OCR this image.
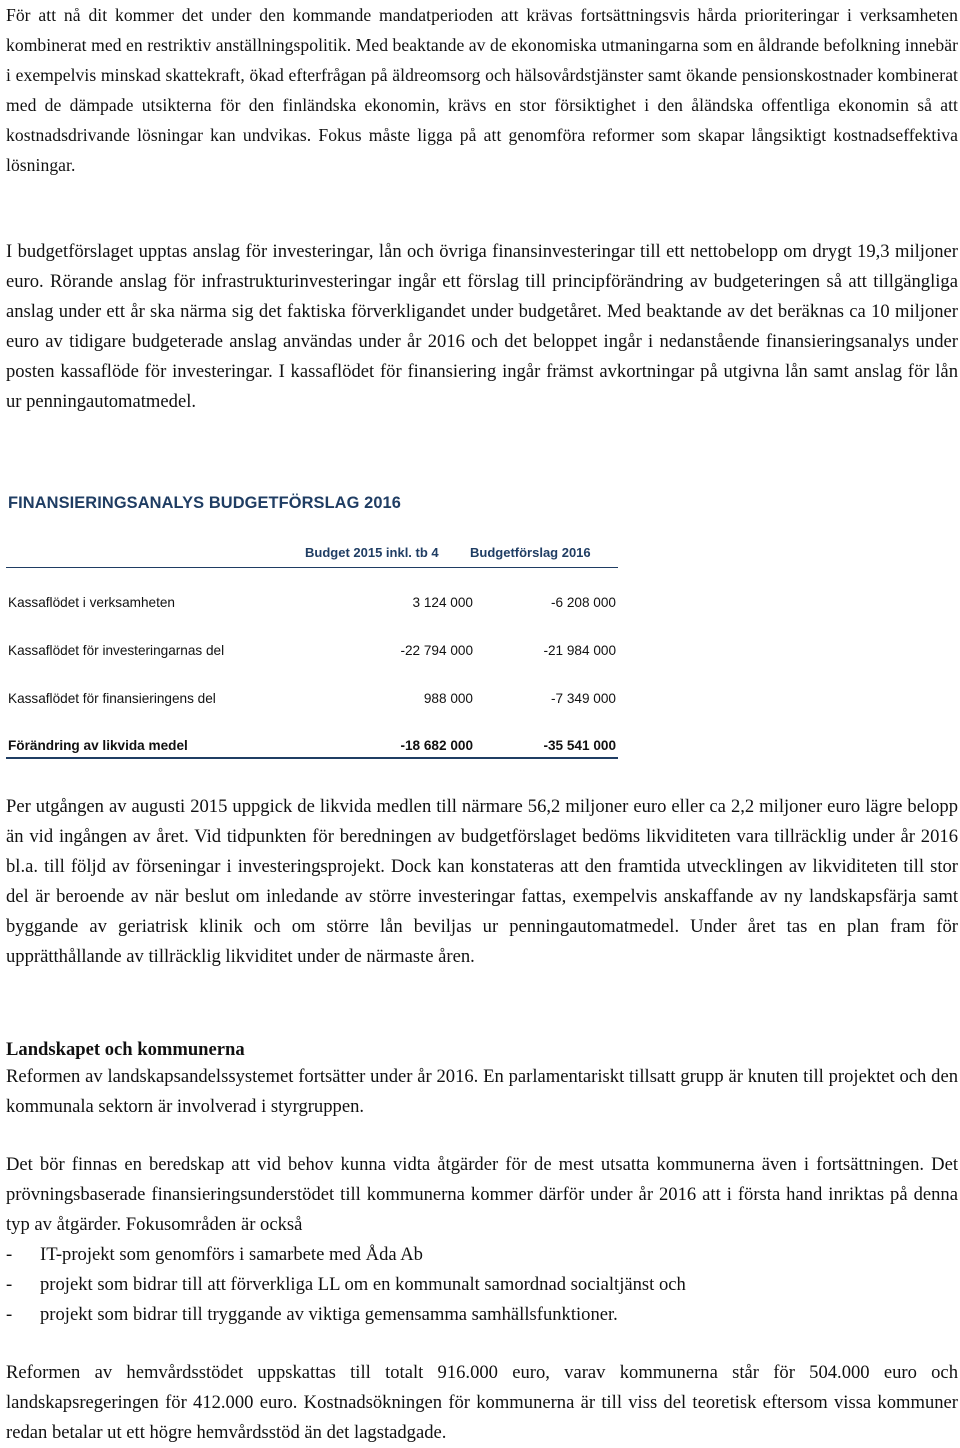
För att nå dit kommer det under den kommande mandatperioden att krävas fortsättningsvis hårda prioriteringar i verksamheten kombinerat med en restriktiv anställningspolitik. Med beaktande av de ekonomiska utmaningarna som en åldrande befolkning innebär i exempelvis minskad skattekraft, ökad efterfrågan på äldreomsorg och hälsovårdstjänster samt ökande pensionskostnader kombinerat med de dämpade utsikterna för den finländska ekonomin, krävs en stor försiktighet i den åländska offentliga ekonomin så att kostnadsdrivande lösningar kan undvikas. Fokus måste ligga på att genomföra reformer som skapar långsiktigt kostnadseffektiva lösningar.

I budgetförslaget upptas anslag för investeringar, lån och övriga finansinvesteringar till ett nettobelopp om drygt 19,3 miljoner euro. Rörande anslag för infrastrukturinvesteringar ingår ett förslag till principförändring av budgeteringen så att tillgängliga anslag under ett år ska närma sig det faktiska förverkligandet under budgetåret. Med beaktande av det beräknas ca 10 miljoner euro av tidigare budgeterade anslag användas under år 2016 och det beloppet ingår i nedanstående finansieringsanalys under posten kassaflöde för investeringar. I kassaflödet för finansiering ingår främst avkortningar på utgivna lån samt anslag för lån ur penningautomatmedel.

FINANSIERINGSANALYS BUDGETFÖRSLAG 2016
Budget 2015 inkl. tb 4 Budgetförslag 2016
Kassaflödet i verksamheten	3 124 000	-6 208 000
Kassaflödet för investeringarnas del	-22 794 000	-21 984 000
Kassaflödet för finansieringens del	988 000	-7 349 000
Förändring av likvida medel	-18 682 000	-35 541 000

Per utgången av augusti 2015 uppgick de likvida medlen till närmare 56,2 miljoner euro eller ca 2,2 miljoner euro lägre belopp än vid ingången av året. Vid tidpunkten för beredningen av budgetförslaget bedöms likviditeten vara tillräcklig under år 2016 bl.a. till följd av förseningar i investeringsprojekt. Dock kan konstateras att den framtida utvecklingen av likviditeten till stor del är beroende av när beslut om inledande av större investeringar fattas, exempelvis anskaffande av ny landskapsfärja samt byggande av geriatrisk klinik och om större lån beviljas ur penningautomatmedel. Under året tas en plan fram för upprätthållande av tillräcklig likviditet under de närmaste åren.

Landskapet och kommunerna

Reformen av landskapsandelssystemet fortsätter under år 2016. En parlamentariskt tillsatt grupp är knuten till projektet och den kommunala sektorn är involverad i styrgruppen.

Det bör finnas en beredskap att vid behov kunna vidta åtgärder för de mest utsatta kommunerna även i fortsättningen. Det prövningsbaserade finansieringsunderstödet till kommunerna kommer därför under år 2016 att i första hand inriktas på denna typ av åtgärder. Fokusområden är också

- IT-projekt som genomförs i samarbete med Åda Ab
- projekt som bidrar till att förverkliga LL om en kommunalt samordnad socialtjänst och
- projekt som bidrar till tryggande av viktiga gemensamma samhällsfunktioner.

Reformen av hemvårdsstödet uppskattas till totalt 916.000 euro, varav kommunerna står för 504.000 euro och landskapsregeringen för 412.000 euro. Kostnadsökningen för kommunerna är till viss del teoretisk eftersom vissa kommuner redan betalar ut ett högre hemvårdsstöd än det lagstadgade.
